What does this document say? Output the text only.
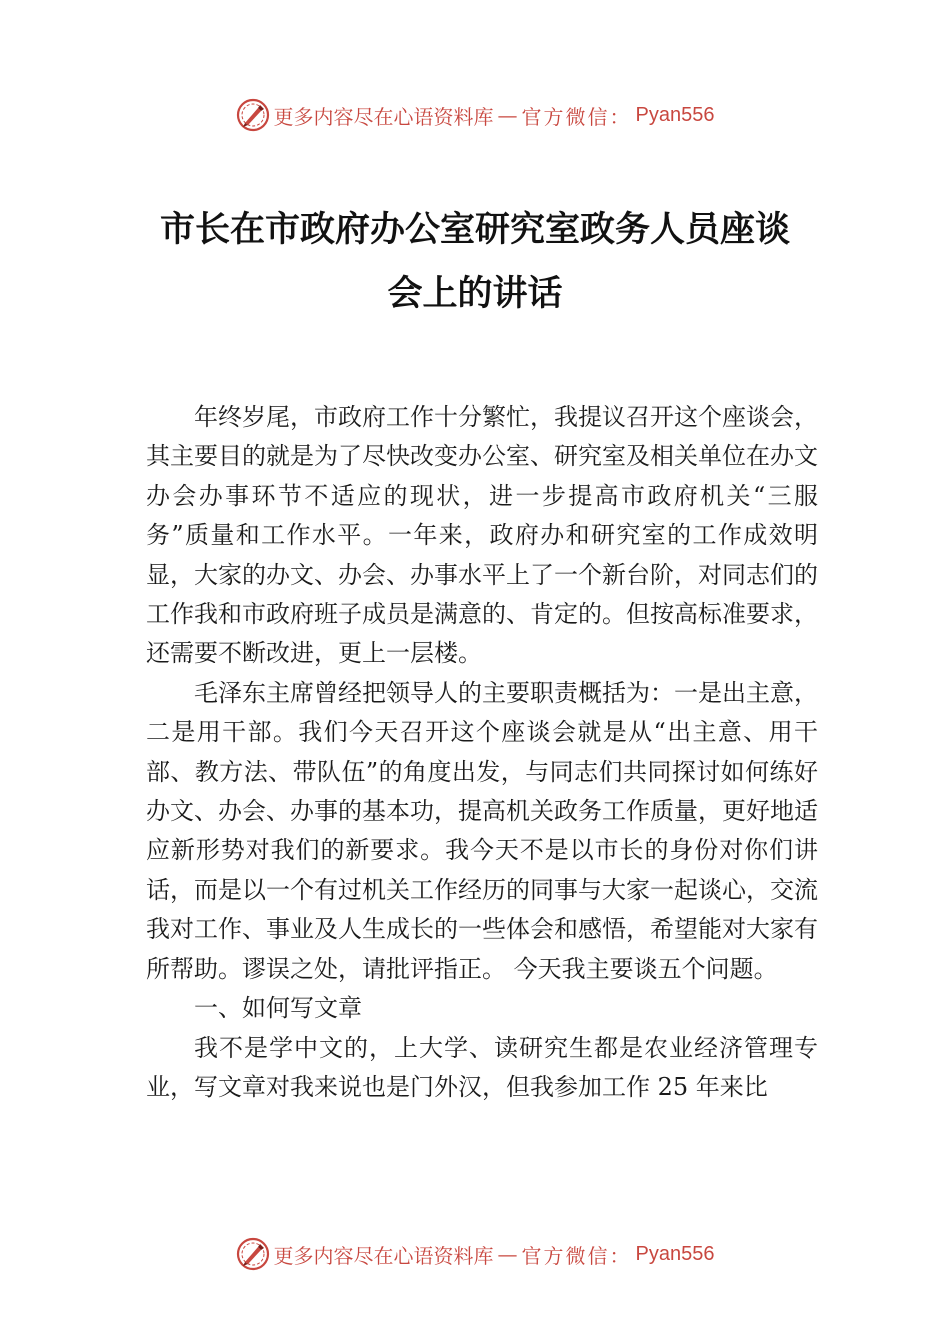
更多内容尽在心语资料库 — 官方微信： Pyan556
市长在市政府办公室研究室政务人员座谈
会上的讲话

年终岁尾，市政府工作十分繁忙，我提议召开这个座谈会，其主要目的就是为了尽快改变办公室、研究室及相关单位在办文办会办事环节不适应的现状，进一步提高市政府机关“三服务”质量和工作水平。一年来，政府办和研究室的工作成效明显，大家的办文、办会、办事水平上了一个新台阶，对同志们的工作我和市政府班子成员是满意的、肯定的。但按高标准要求，还需要不断改进，更上一层楼。

毛泽东主席曾经把领导人的主要职责概括为：一是出主意，二是用干部。我们今天召开这个座谈会就是从“出主意、用干部、教方法、带队伍”的角度出发，与同志们共同探讨如何练好办文、办会、办事的基本功，提高机关政务工作质量，更好地适应新形势对我们的新要求。我今天不是以市长的身份对你们讲话，而是以一个有过机关工作经历的同事与大家一起谈心，交流我对工作、事业及人生成长的一些体会和感悟，希望能对大家有所帮助。谬误之处，请批评指正。 今天我主要谈五个问题。

一、如何写文章

我不是学中文的，上大学、读研究生都是农业经济管理专业，写文章对我来说也是门外汉，但我参加工作 25 年来比

更多内容尽在心语资料库 — 官方微信： Pyan556
